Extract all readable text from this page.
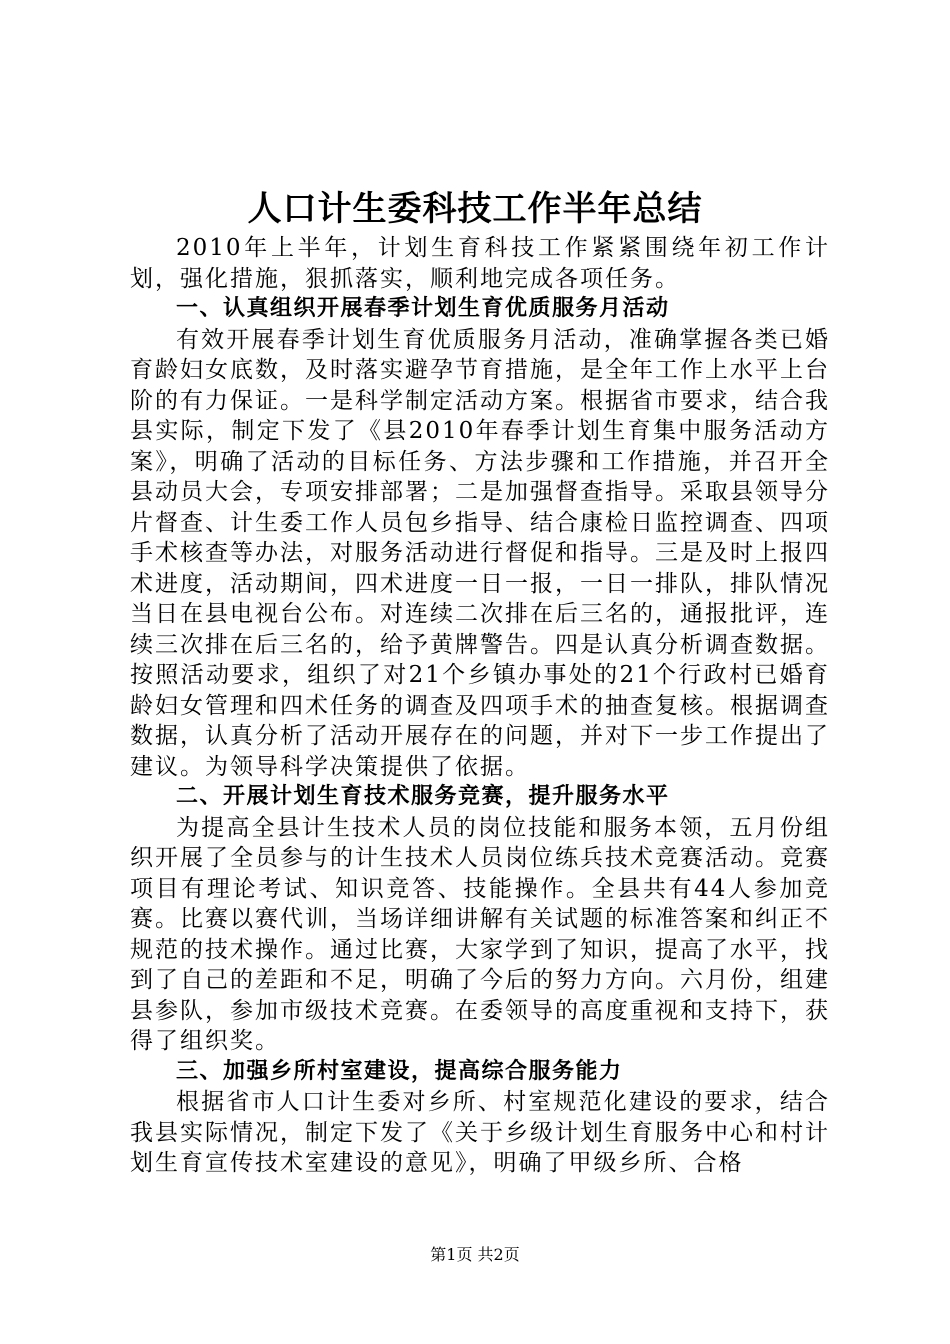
人口计生委科技工作半年总结

2010年上半年，计划生育科技工作紧紧围绕年初工作计划，强化措施，狠抓落实，顺利地完成各项任务。

一、认真组织开展春季计划生育优质服务月活动

有效开展春季计划生育优质服务月活动，准确掌握各类已婚育龄妇女底数，及时落实避孕节育措施，是全年工作上水平上台阶的有力保证。一是科学制定活动方案。根据省市要求，结合我县实际，制定下发了《县2010年春季计划生育集中服务活动方案》，明确了活动的目标任务、方法步骤和工作措施，并召开全县动员大会，专项安排部署；二是加强督查指导。采取县领导分片督查、计生委工作人员包乡指导、结合康检日监控调查、四项手术核查等办法，对服务活动进行督促和指导。三是及时上报四术进度，活动期间，四术进度一日一报，一日一排队，排队情况当日在县电视台公布。对连续二次排在后三名的，通报批评，连续三次排在后三名的，给予黄牌警告。四是认真分析调查数据。按照活动要求，组织了对21个乡镇办事处的21个行政村已婚育龄妇女管理和四术任务的调查及四项手术的抽查复核。根据调查数据，认真分析了活动开展存在的问题，并对下一步工作提出了建议。为领导科学决策提供了依据。

二、开展计划生育技术服务竞赛，提升服务水平

为提高全县计生技术人员的岗位技能和服务本领，五月份组织开展了全员参与的计生技术人员岗位练兵技术竞赛活动。竞赛项目有理论考试、知识竞答、技能操作。全县共有44人参加竞赛。比赛以赛代训，当场详细讲解有关试题的标准答案和纠正不规范的技术操作。通过比赛，大家学到了知识，提高了水平，找到了自己的差距和不足，明确了今后的努力方向。六月份，组建县参队，参加市级技术竞赛。在委领导的高度重视和支持下，获得了组织奖。

三、加强乡所村室建设，提高综合服务能力

根据省市人口计生委对乡所、村室规范化建设的要求，结合我县实际情况，制定下发了《关于乡级计划生育服务中心和村计划生育宣传技术室建设的意见》，明确了甲级乡所、合格

第1页 共2页
